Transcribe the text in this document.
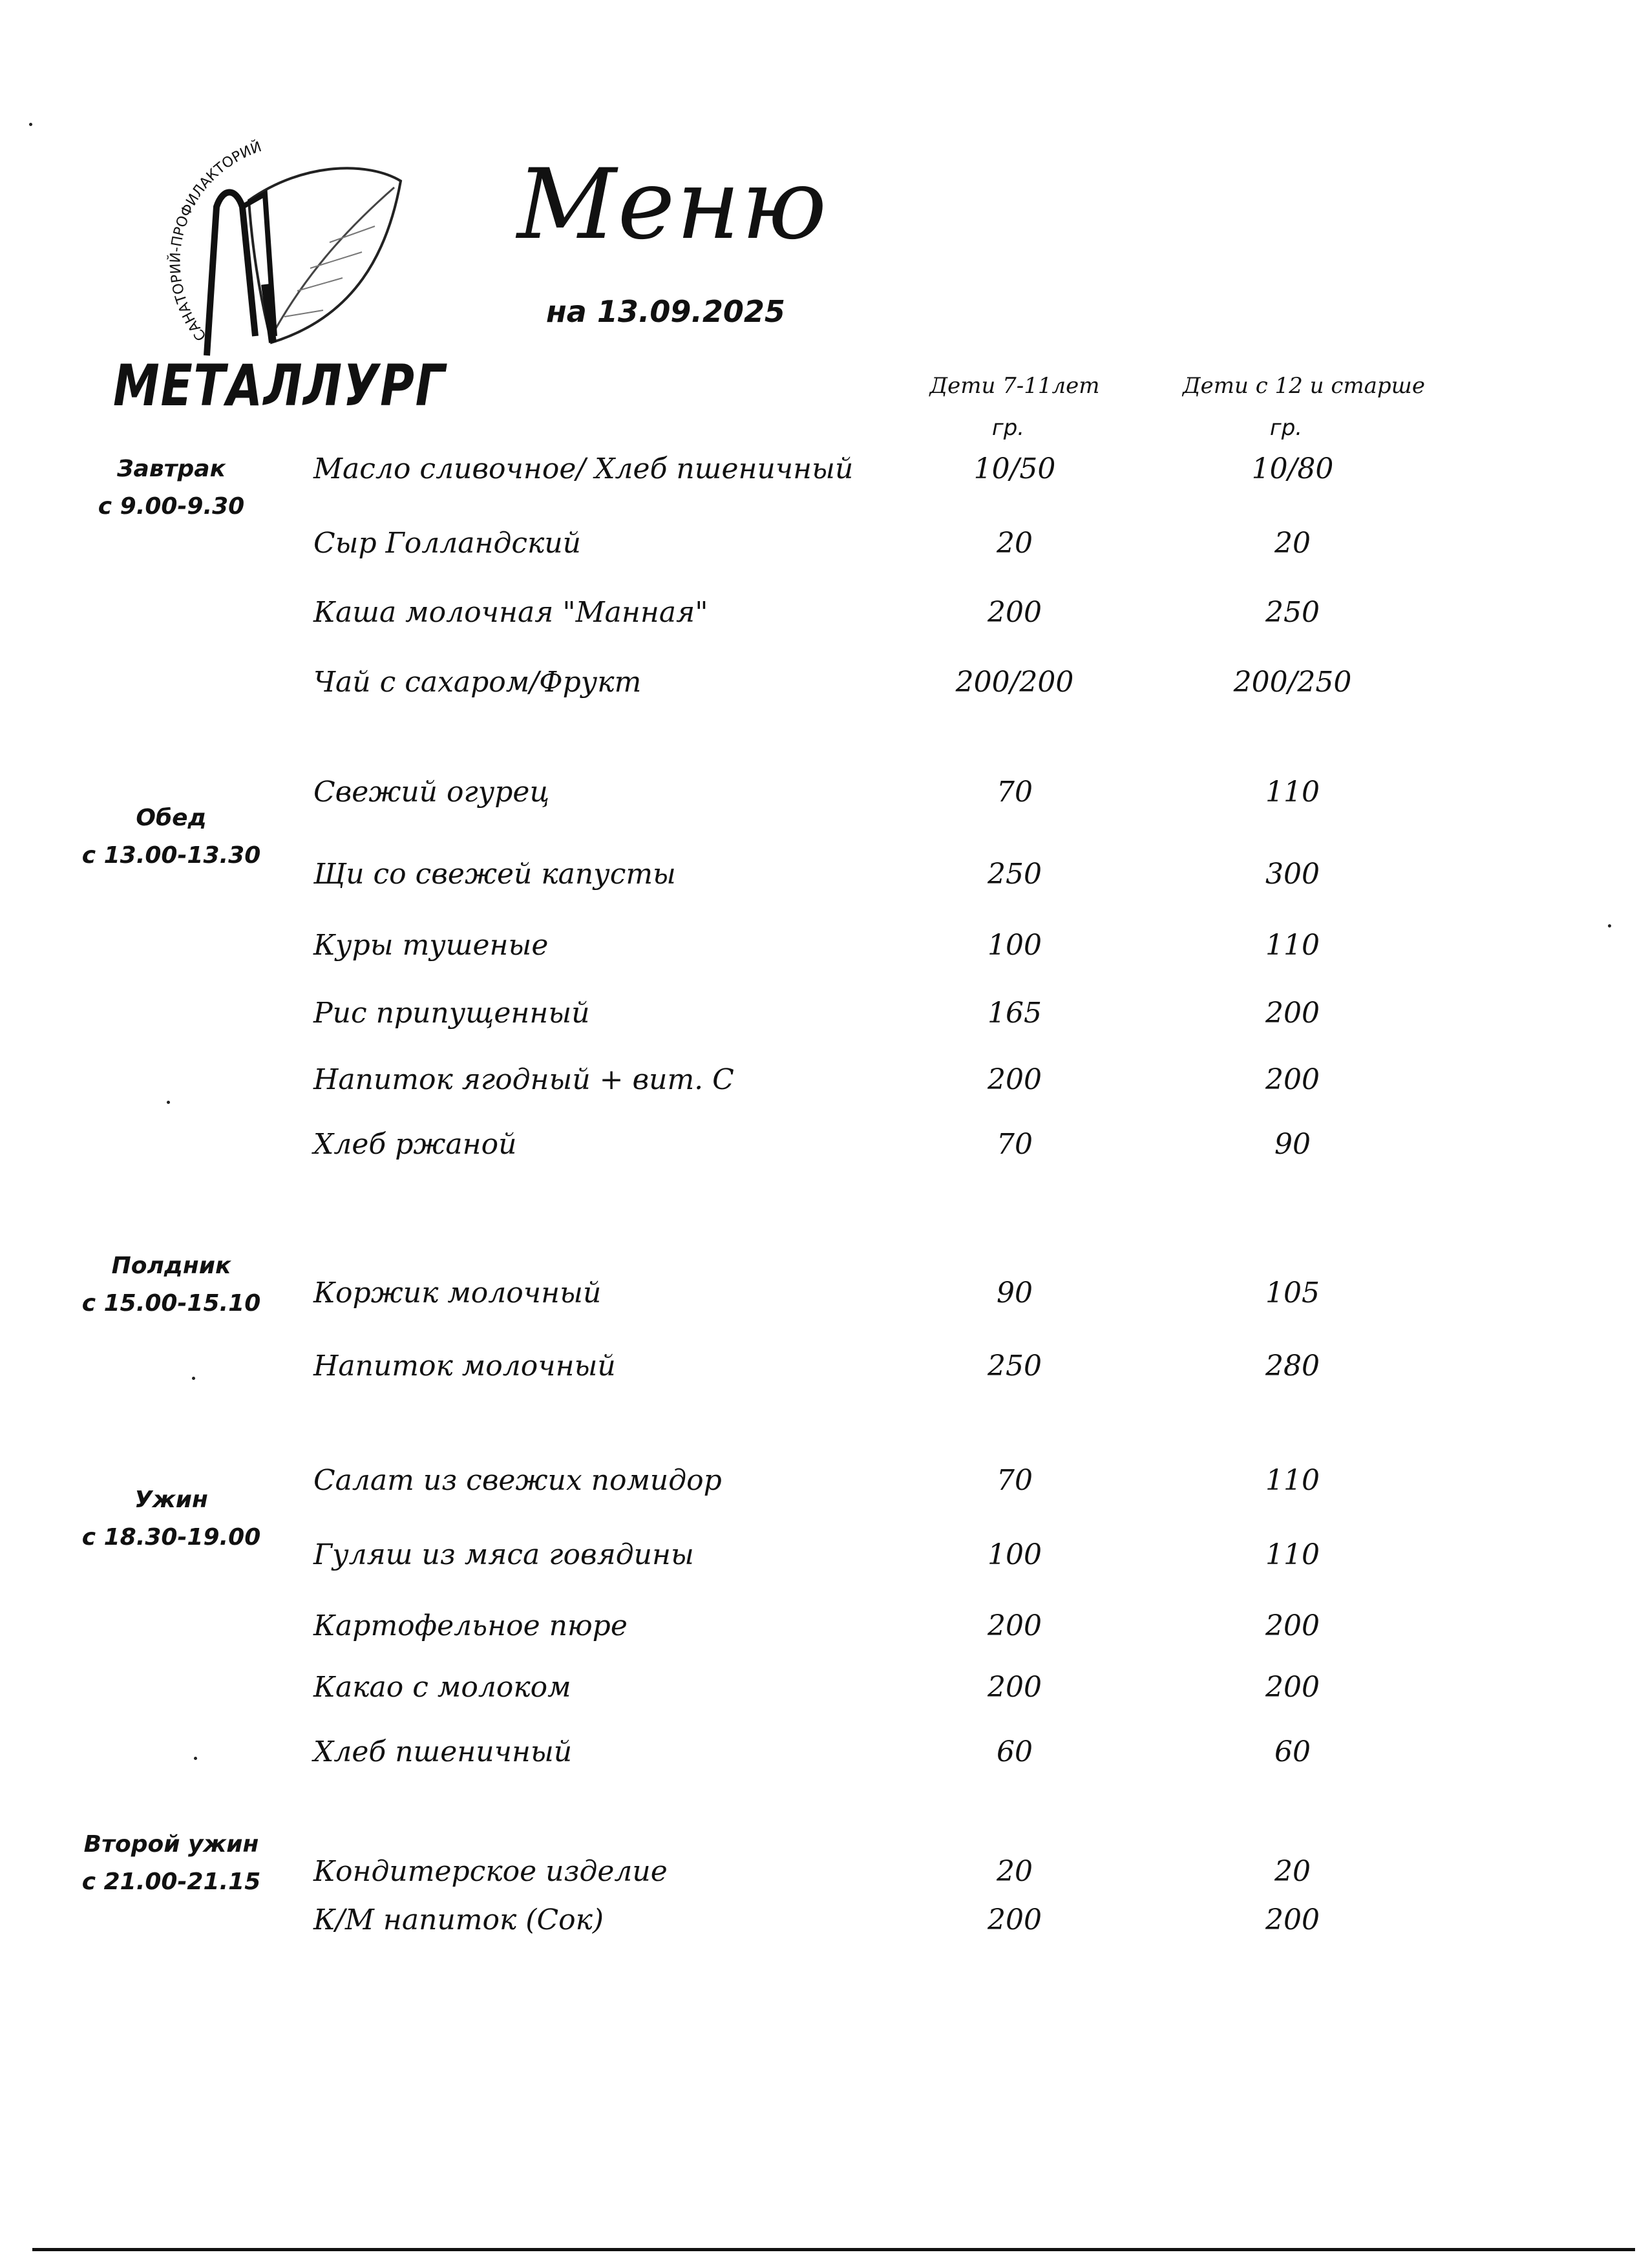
САНАТОРИЙ-ПРОФИЛАКТОРИЙ
МЕТАЛЛУРГ
Меню
на 13.09.2025
Дети 7-11лет	Дети с 12 и старше
гр.	гр.
Завтрак
с 9.00-9.30
Масло сливочное/ Хлеб пшеничный	10/50	10/80
Сыр Голландский	20	20
Каша молочная "Манная"	200	250
Чай с сахаром/Фрукт	200/200	200/250
Обед
с 13.00-13.30
Свежий огурец	70	110
Щи со свежей капусты	250	300
Куры тушеные	100	110
Рис припущенный	165	200
Напиток ягодный + вит. С	200	200
Хлеб ржаной	70	90
Полдник
с 15.00-15.10	Коржик молочный	90	105
Напиток молочный	250	280
Ужин
с 18.30-19.00
Салат из свежих помидор	70	110
Гуляш из мяса говядины	100	110
Картофельное пюре	200	200
Какао с молоком	200	200
Хлеб пшеничный	60	60
Второй ужин
с 21.00-21.15	Кондитерское изделие	20	20
К/М напиток (Сок)	200	200
